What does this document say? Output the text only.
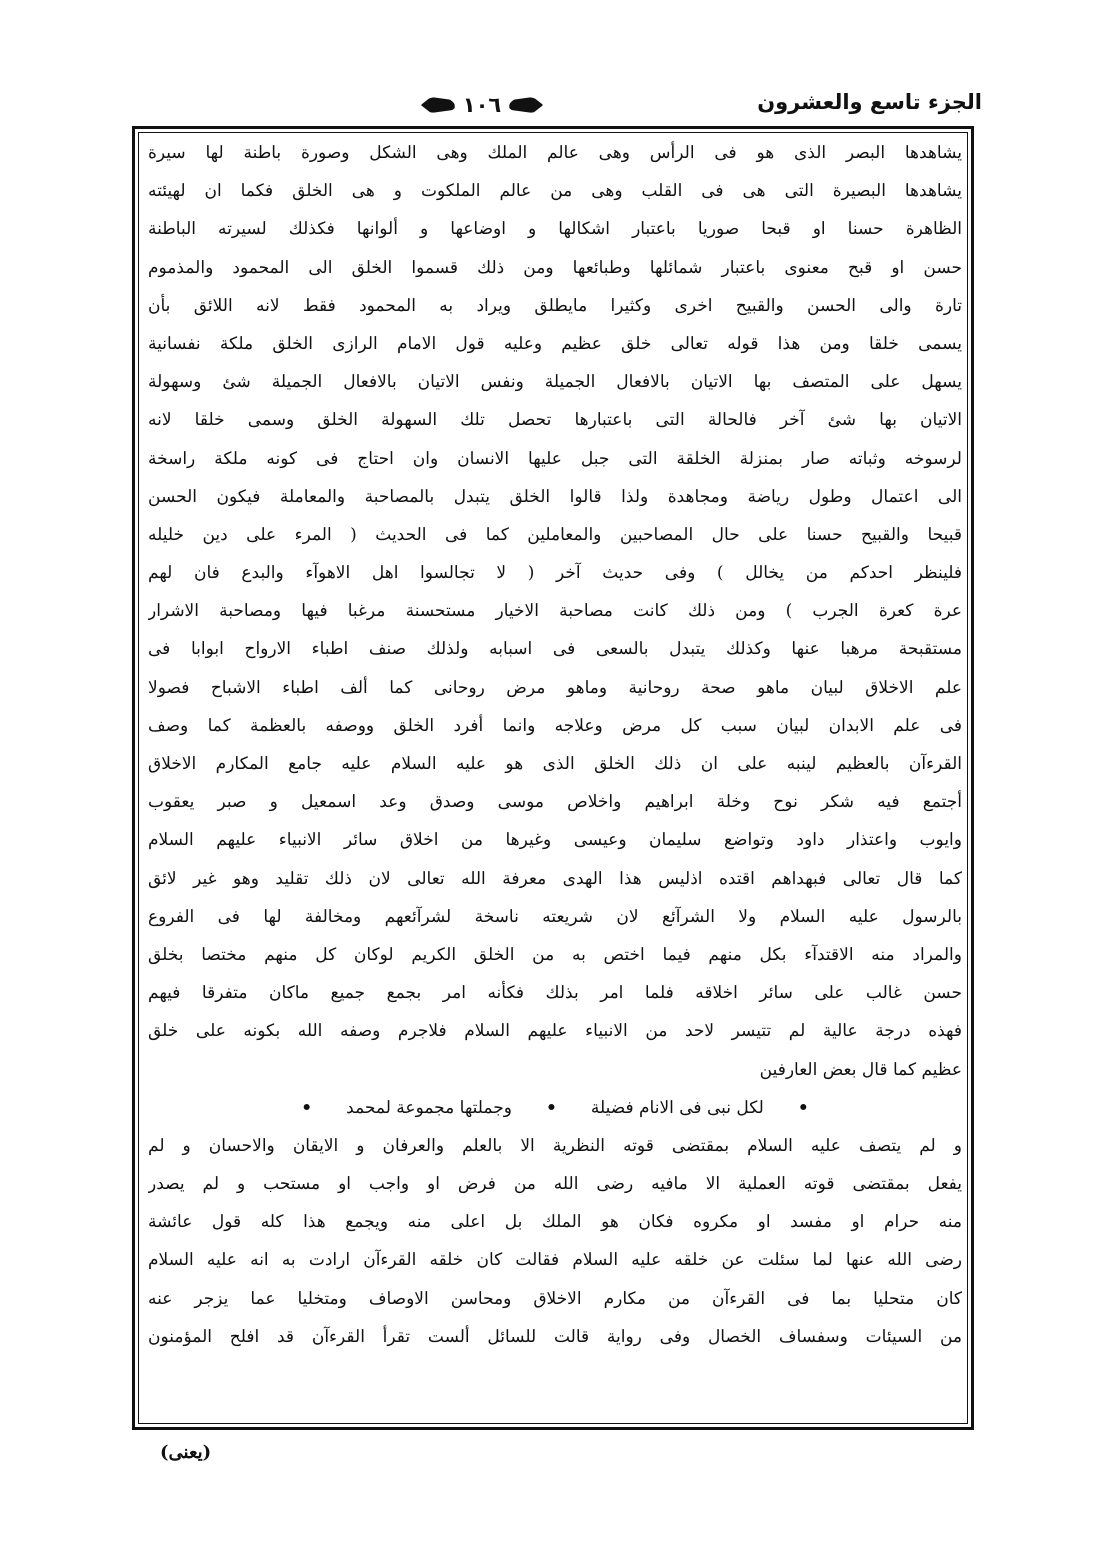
الجزء تاسع والعشرون
١٠٦
يشاهدها البصر الذى هو فى الرأس وهى عالم الملك وهى الشكل وصورة باطنة لها سيرة
يشاهدها البصيرة التى هى فى القلب وهى من عالم الملكوت و هى الخلق فكما ان لهيئته
الظاهرة حسنا او قبحا صوريا باعتبار اشكالها و اوضاعها و ألوانها فكذلك لسيرته الباطنة
حسن او قبح معنوى باعتبار شمائلها وطبائعها ومن ذلك قسموا الخلق الى المحمود والمذموم
تارة والى الحسن والقبيح اخرى وكثيرا مايطلق ويراد به المحمود فقط لانه اللائق بأن
يسمى خلقا ومن هذا قوله تعالى خلق عظيم وعليه قول الامام الرازى الخلق ملكة نفسانية
يسهل على المتصف بها الاتيان بالافعال الجميلة ونفس الاتيان بالافعال الجميلة شئ وسهولة
الاتيان بها شئ آخر فالحالة التى باعتبارها تحصل تلك السهولة الخلق وسمى خلقا لانه
لرسوخه وثباته صار بمنزلة الخلقة التى جبل عليها الانسان وان احتاج فى كونه ملكة راسخة
الى اعتمال وطول رياضة ومجاهدة ولذا قالوا الخلق يتبدل بالمصاحبة والمعاملة فيكون الحسن
قبيحا والقبيح حسنا على حال المصاحبين والمعاملين كما فى الحديث ( المرء على دين خليله
فلينظر احدكم من يخالل ) وفى حديث آخر ( لا تجالسوا اهل الاهوآء والبدع فان لهم
عرة كعرة الجرب ) ومن ذلك كانت مصاحبة الاخيار مستحسنة مرغبا فيها ومصاحبة الاشرار
مستقبحة مرهبا عنها وكذلك يتبدل بالسعى فى اسبابه ولذلك صنف اطباء الارواح ابوابا فى
علم الاخلاق لبيان ماهو صحة روحانية وماهو مرض روحانى كما ألف اطباء الاشباح فصولا
فى علم الابدان لبيان سبب كل مرض وعلاجه وانما أفرد الخلق ووصفه بالعظمة كما وصف
القرءآن بالعظيم لينبه على ان ذلك الخلق الذى هو عليه السلام عليه جامع المكارم الاخلاق
أجتمع فيه شكر نوح وخلة ابراهيم واخلاص موسى وصدق وعد اسمعيل و صبر يعقوب
وايوب واعتذار داود وتواضع سليمان وعيسى وغيرها من اخلاق سائر الانبياء عليهم السلام
كما قال تعالى فبهداهم اقتده اذليس هذا الهدى معرفة الله تعالى لان ذلك تقليد وهو غير لائق
بالرسول عليه السلام ولا الشرآئع لان شريعته ناسخة لشرآئعهم ومخالفة لها فى الفروع
والمراد منه الاقتدآء بكل منهم فيما اختص به من الخلق الكريم لوكان كل منهم مختصا بخلق
حسن غالب على سائر اخلاقه فلما امر بذلك فكأنه امر بجمع جميع ماكان متفرقا فيهم
فهذه درجة عالية لم تتيسر لاحد من الانبياء عليهم السلام فلاجرم وصفه الله بكونه على خلق
عظيم كما قال بعض العارفين
•
لكل نبى فى الانام فضيلة
•
وجملتها مجموعة لمحمد
•
و لم يتصف عليه السلام بمقتضى قوته النظرية الا بالعلم والعرفان و الايقان والاحسان و لم
يفعل بمقتضى قوته العملية الا مافيه رضى الله من فرض او واجب او مستحب و لم يصدر
منه حرام او مفسد او مكروه فكان هو الملك بل اعلى منه ويجمع هذا كله قول عائشة
رضى الله عنها لما سئلت عن خلقه عليه السلام فقالت كان خلقه القرءآن ارادت به انه عليه السلام
كان متحليا بما فى القرءآن من مكارم الاخلاق ومحاسن الاوصاف ومتخليا عما يزجر عنه
من السيئات وسفساف الخصال وفى رواية قالت للسائل ألست تقرأ القرءآن قد افلح المؤمنون
(يعنى)
